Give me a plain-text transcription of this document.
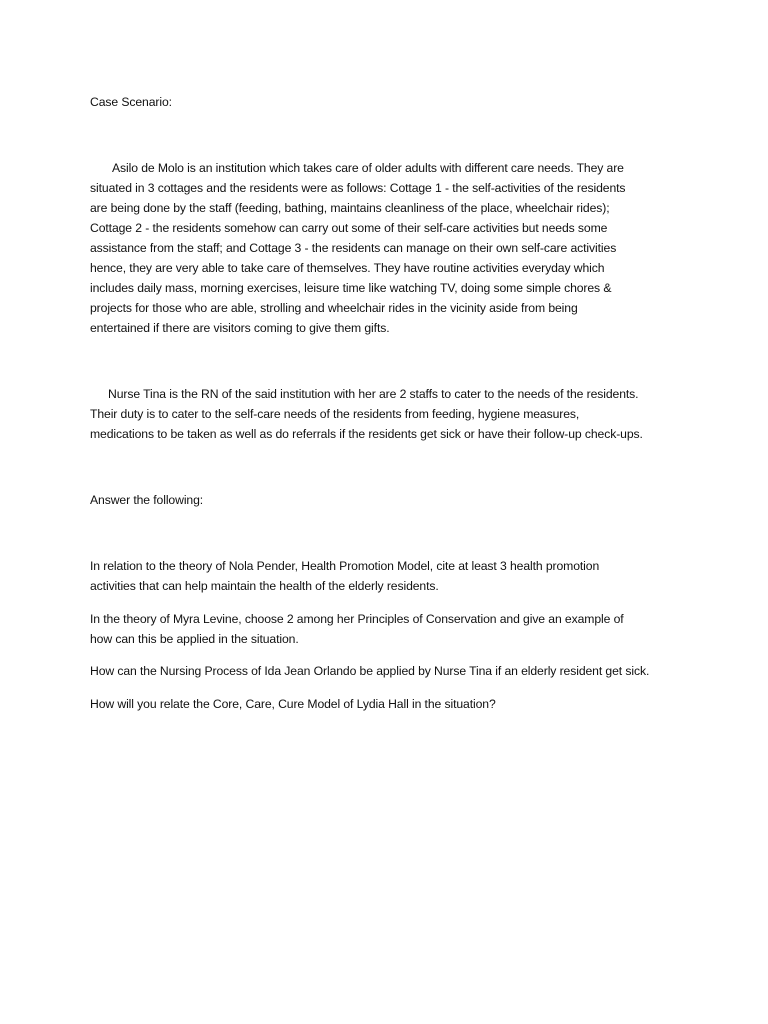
Case Scenario:
Asilo de Molo is an institution which takes care of older adults with different care needs. They are
situated in 3 cottages and the residents were as follows: Cottage 1 - the self-activities of the residents
are being done by the staff (feeding, bathing, maintains cleanliness of the place, wheelchair rides);
Cottage 2 - the residents somehow can carry out some of their self-care activities but needs some
assistance from the staff; and Cottage 3 - the residents can manage on their own self-care activities
hence, they are very able to take care of themselves. They have routine activities everyday which
includes daily mass, morning exercises, leisure time like watching TV, doing some simple chores &
projects for those who are able, strolling and wheelchair rides in the vicinity aside from being
entertained if there are visitors coming to give them gifts.
Nurse Tina is the RN of the said institution with her are 2 staffs to cater to the needs of the residents.
Their duty is to cater to the self-care needs of the residents from feeding, hygiene measures,
medications to be taken as well as do referrals if the residents get sick or have their follow-up check-ups.
Answer the following:
In relation to the theory of Nola Pender, Health Promotion Model, cite at least 3 health promotion
activities that can help maintain the health of the elderly residents.
In the theory of Myra Levine, choose 2 among her Principles of Conservation and give an example of
how can this be applied in the situation.
How can the Nursing Process of Ida Jean Orlando be applied by Nurse Tina if an elderly resident get sick.
How will you relate the Core, Care, Cure Model of Lydia Hall in the situation?
